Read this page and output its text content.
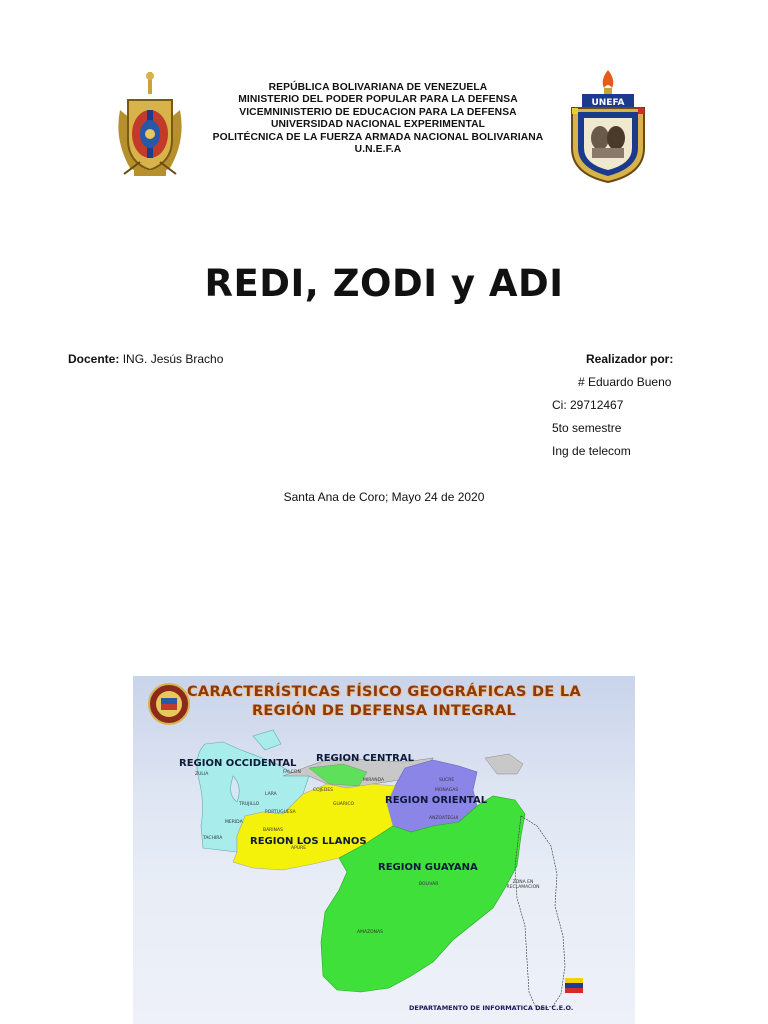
REPÚBLICA BOLIVARIANA DE VENEZUELA
MINISTERIO DEL PODER POPULAR PARA LA DEFENSA
VICEMNINISTERIO DE EDUCACION PARA LA DEFENSA
UNIVERSIDAD NACIONAL EXPERIMENTAL
POLITÉCNICA DE LA FUERZA ARMADA NACIONAL BOLIVARIANA
U.N.E.F.A
UNEFA
REDI, ZODI y ADI
Docente: ING. Jesús Bracho	Realizador por:
# Eduardo Bueno
Ci: 29712467
5to semestre
Ing de telecom
Santa Ana de Coro; Mayo 24 de 2020
CARACTERÍSTICAS FÍSICO GEOGRÁFICAS DE LA
REGIÓN DE DEFENSA INTEGRAL
REGION OCCIDENTAL REGION CENTRAL
REGION ORIENTAL
REGION LOS LLANOS
REGION GUAYANA
ZULIA	FALCON
LARA
TRUJILLO
MERIDA
TACHIRA
PORTUGUESA
COJEDES
BARINAS
APURE
GUARICO
MIRANDA	SUCRE
MONAGAS
ANZOATEGUI
BOLIVAR
AMAZONAS
ZONA EN RECLAMACION
DEPARTAMENTO DE INFORMATICA DEL C.E.O.
